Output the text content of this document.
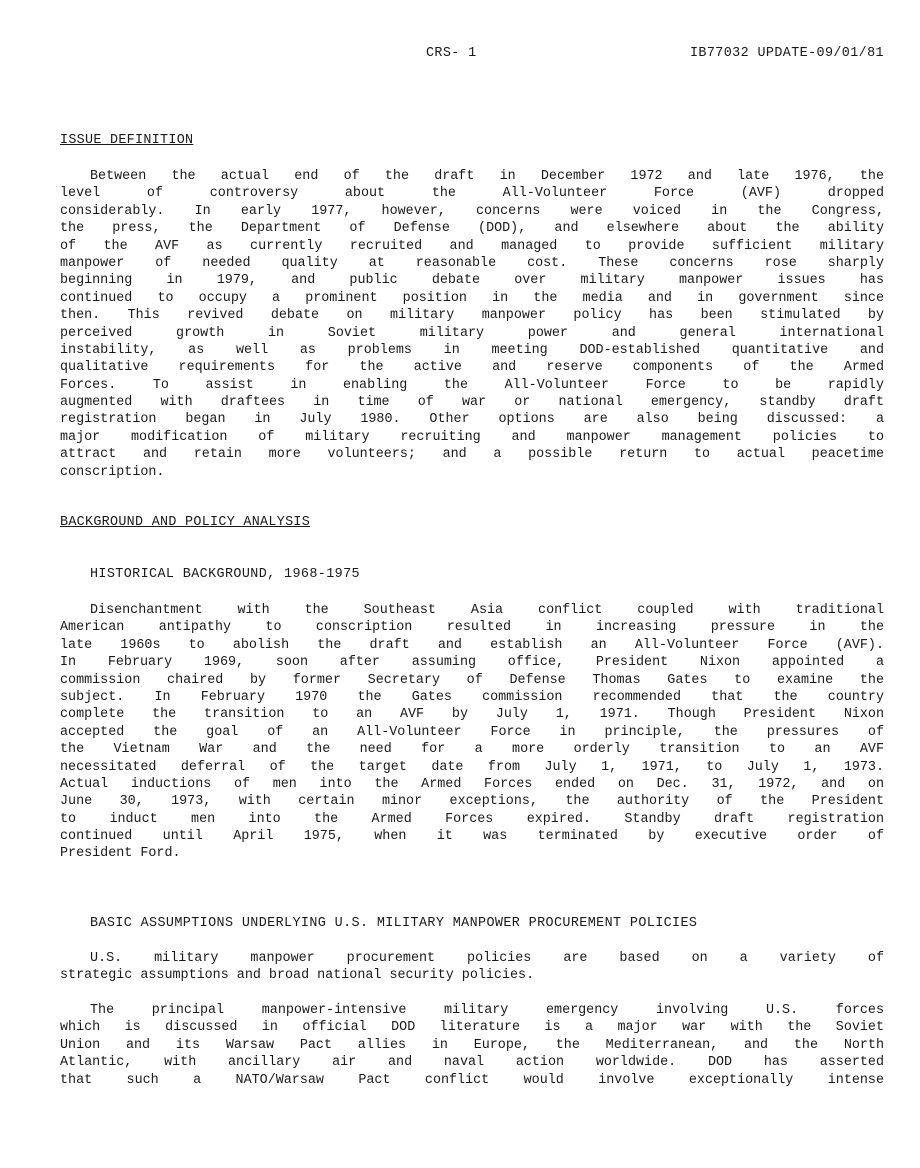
CRS- 1	IB77032 UPDATE-09/01/81
ISSUE DEFINITION
Between the actual end of the draft in December 1972 and late 1976, the
level of controversy about the All-Volunteer Force (AVF) dropped
considerably. In early 1977, however, concerns were voiced in the Congress,
the press, the Department of Defense (DOD), and elsewhere about the ability
of the AVF as currently recruited and managed to provide sufficient military
manpower of needed quality at reasonable cost. These concerns rose sharply
beginning in 1979, and public debate over military manpower issues has
continued to occupy a prominent position in the media and in government since
then. This revived debate on military manpower policy has been stimulated by
perceived growth in Soviet military power and general international
instability, as well as problems in meeting DOD-established quantitative and
qualitative requirements for the active and reserve components of the Armed
Forces. To assist in enabling the All-Volunteer Force to be rapidly
augmented with draftees in time of war or national emergency, standby draft
registration began in July 1980. Other options are also being discussed: a
major modification of military recruiting and manpower management policies to
attract and retain more volunteers; and a possible return to actual peacetime
conscription.
BACKGROUND AND POLICY ANALYSIS
HISTORICAL BACKGROUND, 1968-1975
Disenchantment with the Southeast Asia conflict coupled with traditional
American antipathy to conscription resulted in increasing pressure in the
late 1960s to abolish the draft and establish an All-Volunteer Force (AVF).
In February 1969, soon after assuming office, President Nixon appointed a
commission chaired by former Secretary of Defense Thomas Gates to examine the
subject. In February 1970 the Gates commission recommended that the country
complete the transition to an AVF by July 1, 1971. Though President Nixon
accepted the goal of an All-Volunteer Force in principle, the pressures of
the Vietnam War and the need for a more orderly transition to an AVF
necessitated deferral of the target date from July 1, 1971, to July 1, 1973.
Actual inductions of men into the Armed Forces ended on Dec. 31, 1972, and on
June 30, 1973, with certain minor exceptions, the authority of the President
to induct men into the Armed Forces expired. Standby draft registration
continued until April 1975, when it was terminated by executive order of
President Ford.
BASIC ASSUMPTIONS UNDERLYING U.S. MILITARY MANPOWER PROCUREMENT POLICIES
U.S. military manpower procurement policies are based on a variety of
strategic assumptions and broad national security policies.
The principal manpower-intensive military emergency involving U.S. forces
which is discussed in official DOD literature is a major war with the Soviet
Union and its Warsaw Pact allies in Europe, the Mediterranean, and the North
Atlantic, with ancillary air and naval action worldwide. DOD has asserted
that such a NATO/Warsaw Pact conflict would involve exceptionally intense
